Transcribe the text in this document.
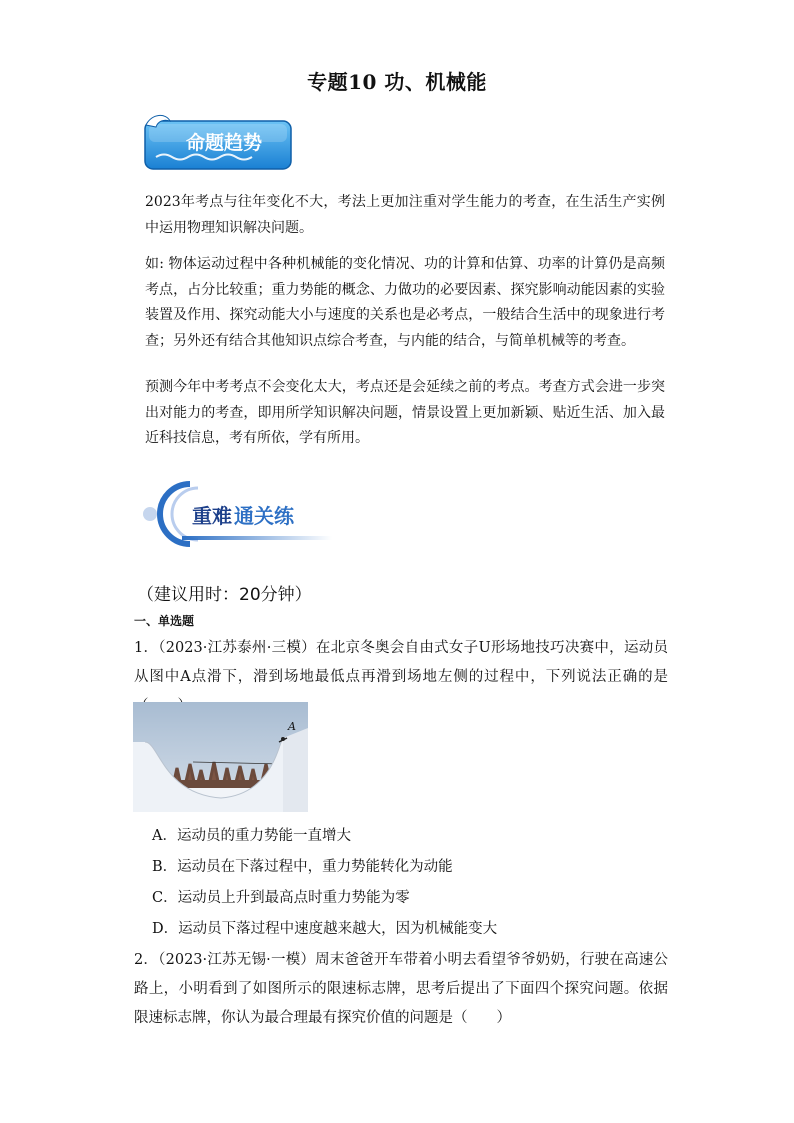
专题10 功、机械能
命题趋势
2023年考点与往年变化不大，考法上更加注重对学生能力的考查，在生活生产实例中运用物理知识解决问题。
如: 物体运动过程中各种机械能的变化情况、功的计算和估算、功率的计算仍是高频考点，占分比较重；重力势能的概念、力做功的必要因素、探究影响动能因素的实验装置及作用、探究动能大小与速度的关系也是必考点，一般结合生活中的现象进行考查；另外还有结合其他知识点综合考查，与内能的结合，与简单机械等的考查。
预测今年中考考点不会变化太大，考点还是会延续之前的考点。考查方式会进一步突出对能力的考查，即用所学知识解决问题，情景设置上更加新颖、贴近生活、加入最近科技信息，考有所依，学有所用。
重难 通关练
（建议用时：20分钟）
一、单选题
1．（2023·江苏泰州·三模）在北京冬奥会自由式女子U形场地技巧决赛中，运动员从图中A点滑下，滑到场地最低点再滑到场地左侧的过程中，下列说法正确的是　　
A
A．运动员的重力势能一直增大
B．运动员在下落过程中，重力势能转化为动能
C．运动员上升到最高点时重力势能为零
D．运动员下落过程中速度越来越大，因为机械能变大
2．（2023·江苏无锡·一模）周末爸爸开车带着小明去看望爷爷奶奶，行驶在高速公路上，小明看到了如图所示的限速标志牌，思考后提出了下面四个探究问题。依据限速标志牌，你认为最合理最有探究价值的问题是（　　）
